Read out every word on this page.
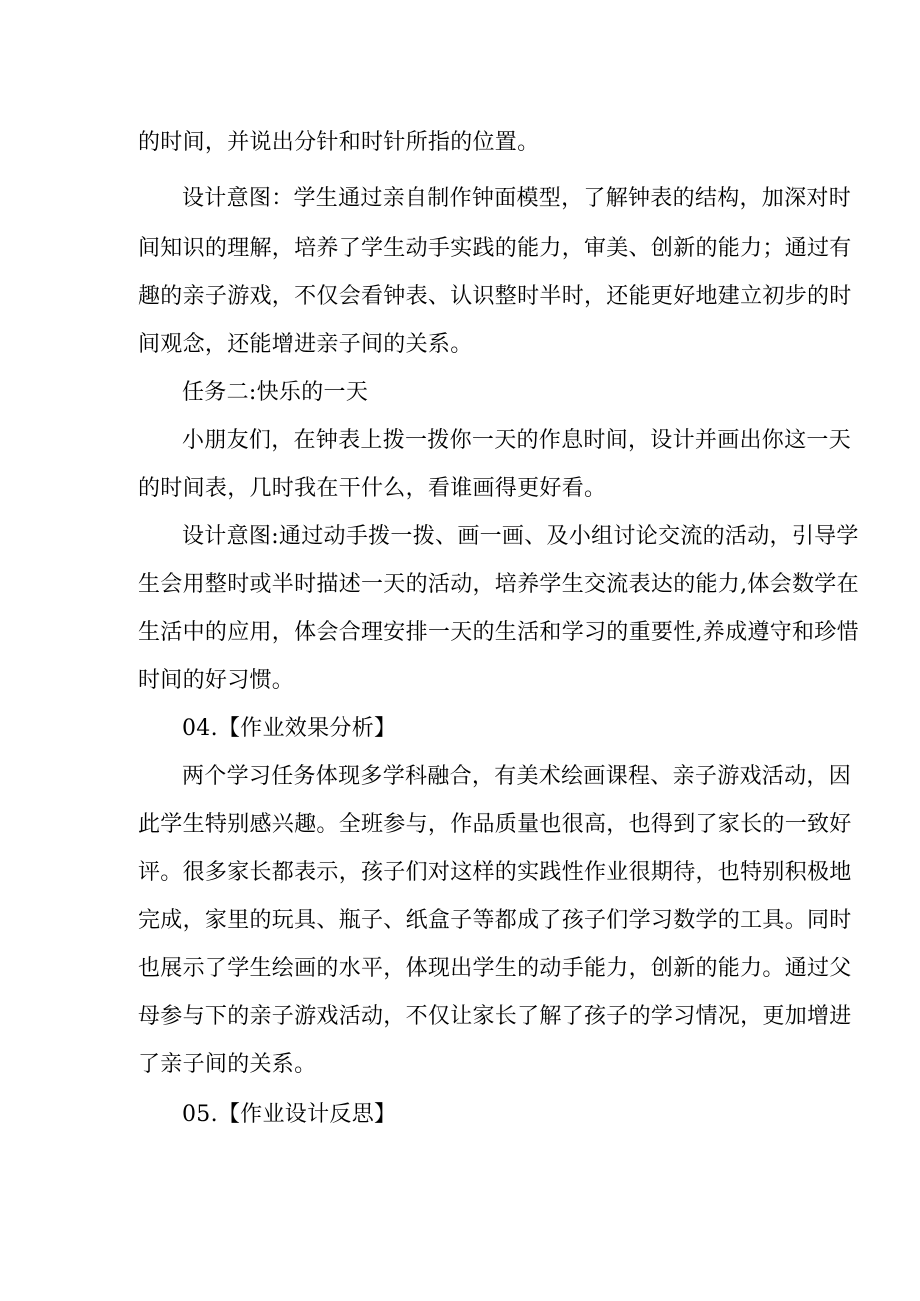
的时间，并说出分针和时针所指的位置。
设计意图：学生通过亲自制作钟面模型，了解钟表的结构，加深对时
间知识的理解，培养了学生动手实践的能力，审美、创新的能力；通过有
趣的亲子游戏，不仅会看钟表、认识整时半时，还能更好地建立初步的时
间观念，还能增进亲子间的关系。
任务二:快乐的一天
小朋友们，在钟表上拨一拨你一天的作息时间，设计并画出你这一天
的时间表，几时我在干什么，看谁画得更好看。
设计意图:通过动手拨一拨、画一画、及小组讨论交流的活动，引导学
生会用整时或半时描述一天的活动，培养学生交流表达的能力,体会数学在
生活中的应用，体会合理安排一天的生活和学习的重要性,养成遵守和珍惜
时间的好习惯。
04.【作业效果分析】
两个学习任务体现多学科融合，有美术绘画课程、亲子游戏活动，因
此学生特别感兴趣。全班参与，作品质量也很高，也得到了家长的一致好
评。很多家长都表示，孩子们对这样的实践性作业很期待，也特别积极地
完成，家里的玩具、瓶子、纸盒子等都成了孩子们学习数学的工具。同时
也展示了学生绘画的水平，体现出学生的动手能力，创新的能力。通过父
母参与下的亲子游戏活动，不仅让家长了解了孩子的学习情况，更加增进
了亲子间的关系。
05.【作业设计反思】
